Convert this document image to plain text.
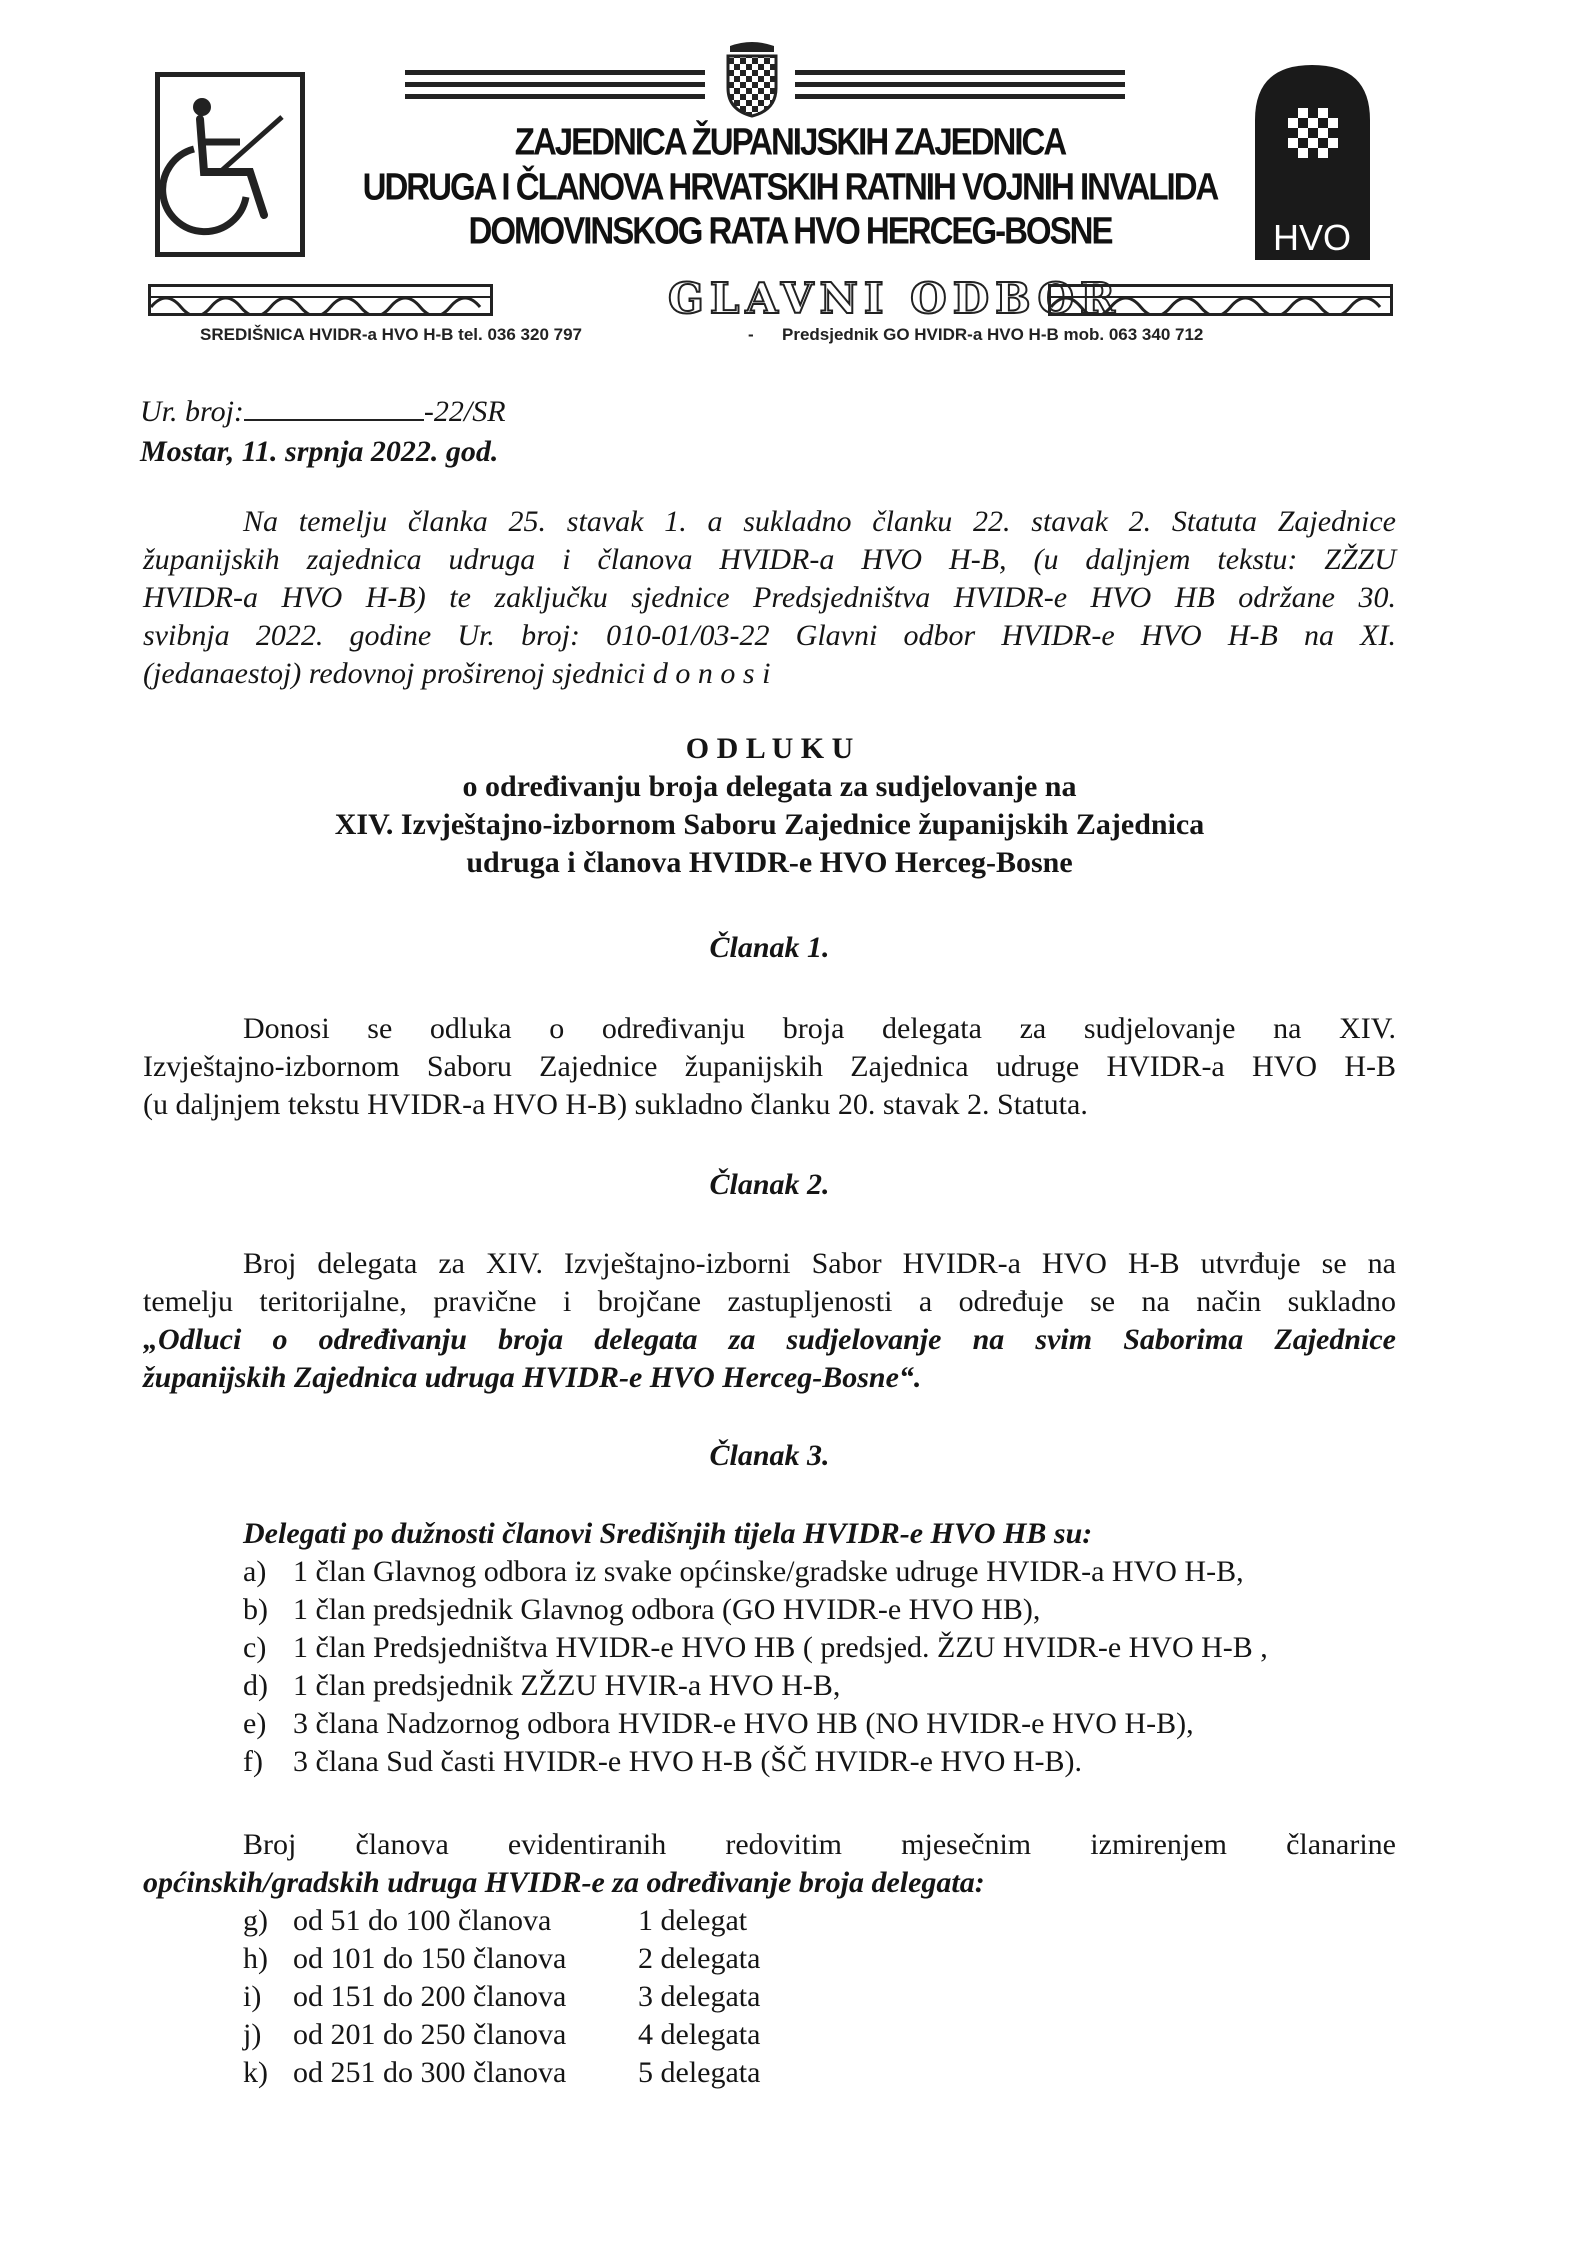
ZAJEDNICA ŽUPANIJSKIH ZAJEDNICA
UDRUGA I ČLANOVA HRVATSKIH RATNIH VOJNIH INVALIDA
DOMOVINSKOG RATA HVO HERCEG-BOSNE	HVO
GLAVNI ODBOR
SREDIŠNICA HVIDR-a HVO H-B tel. 036 320 797	- Predsjednik GO HVIDR-a HVO H-B mob. 063 340 712
Ur. broj:	-22/SR
Mostar, 11. srpnja 2022. god.
Na temelju članka 25. stavak 1. a sukladno članku 22. stavak 2. Statuta Zajednice
županijskih zajednica udruga i članova HVIDR-a HVO H-B, (u daljnjem tekstu: ZŽZU
HVIDR-a HVO H-B) te zaključku sjednice Predsjedništva HVIDR-e HVO HB održane 30.
svibnja 2022. godine Ur. broj: 010-01/03-22 Glavni odbor HVIDR-e HVO H-B na XI.
(jedanaestoj) redovnoj proširenoj sjednici d o n o s i
O D L U K U
o određivanju broja delegata za sudjelovanje na
XIV. Izvještajno-izbornom Saboru Zajednice županijskih Zajednica
udruga i članova HVIDR-e HVO Herceg-Bosne
Članak 1.
Donosi se odluka o određivanju broja delegata za sudjelovanje na XIV.
Izvještajno-izbornom Saboru Zajednice županijskih Zajednica udruge HVIDR-a HVO H-B
(u daljnjem tekstu HVIDR-a HVO H-B) sukladno članku 20. stavak 2. Statuta.
Članak 2.
Broj delegata za XIV. Izvještajno-izborni Sabor HVIDR-a HVO H-B utvrđuje se na
temelju teritorijalne, pravične i brojčane zastupljenosti a određuje se na način sukladno
„Odluci o određivanju broja delegata za sudjelovanje na svim Saborima Zajednice
županijskih Zajednica udruga HVIDR-e HVO Herceg-Bosne“.
Članak 3.
Delegati po dužnosti članovi Središnjih tijela HVIDR-e HVO HB su:
a) 1 član Glavnog odbora iz svake općinske/gradske udruge HVIDR-a HVO H-B,
b) 1 član predsjednik Glavnog odbora (GO HVIDR-e HVO HB),
c) 1 član Predsjedništva HVIDR-e HVO HB ( predsjed. ŽZU HVIDR-e HVO H-B ,
d) 1 član predsjednik ZŽZU HVIR-a HVO H-B,
e) 3 člana Nadzornog odbora HVIDR-e HVO HB (NO HVIDR-e HVO H-B),
f) 3 člana Sud časti HVIDR-e HVO H-B (ŠČ HVIDR-e HVO H-B).
Broj članova evidentiranih redovitim mjesečnim izmirenjem članarine
općinskih/gradskih udruga HVIDR-e za određivanje broja delegata:
g) od 51 do 100 članova	1 delegat
h) od 101 do 150 članova 2 delegata
i) od 151 do 200 članova 3 delegata
j) od 201 do 250 članova 4 delegata
k) od 251 do 300 članova 5 delegata
